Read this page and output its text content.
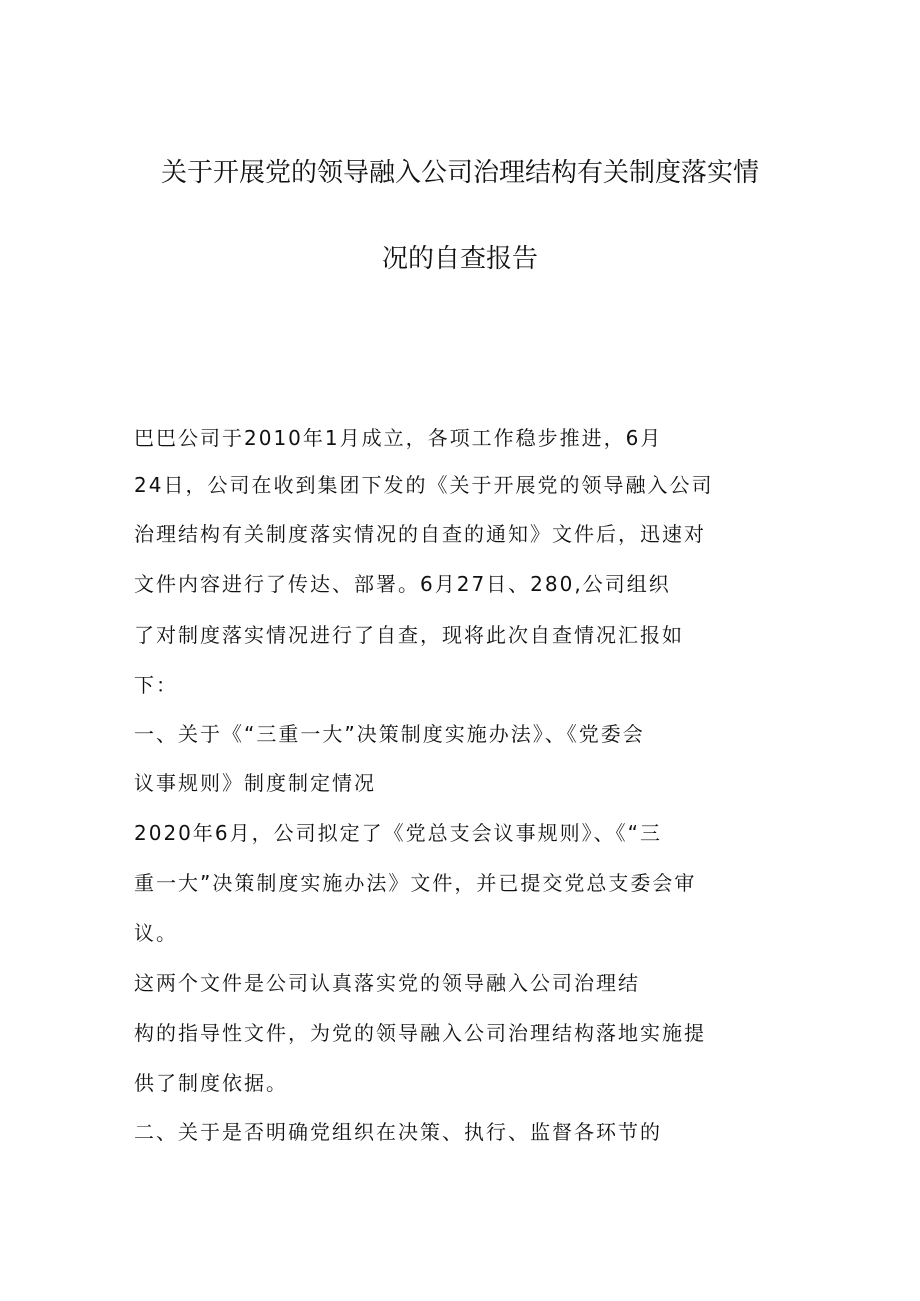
关于开展党的领导融入公司治理结构有关制度落实情
况的自查报告
巴巴公司于2010年1月成立，各项工作稳步推进，6月
24日，公司在收到集团下发的《关于开展党的领导融入公司
治理结构有关制度落实情况的自查的通知》文件后，迅速对
文件内容进行了传达、部署。6月27日、280,公司组织
了对制度落实情况进行了自查，现将此次自查情况汇报如
下：
一、关于《“三重一大”决策制度实施办法》、《党委会
议事规则》制度制定情况
2020年6月，公司拟定了《党总支会议事规则》、《“三
重一大”决策制度实施办法》文件，并已提交党总支委会审
议。
这两个文件是公司认真落实党的领导融入公司治理结
构的指导性文件，为党的领导融入公司治理结构落地实施提
供了制度依据。
二、关于是否明确党组织在决策、执行、监督各环节的
